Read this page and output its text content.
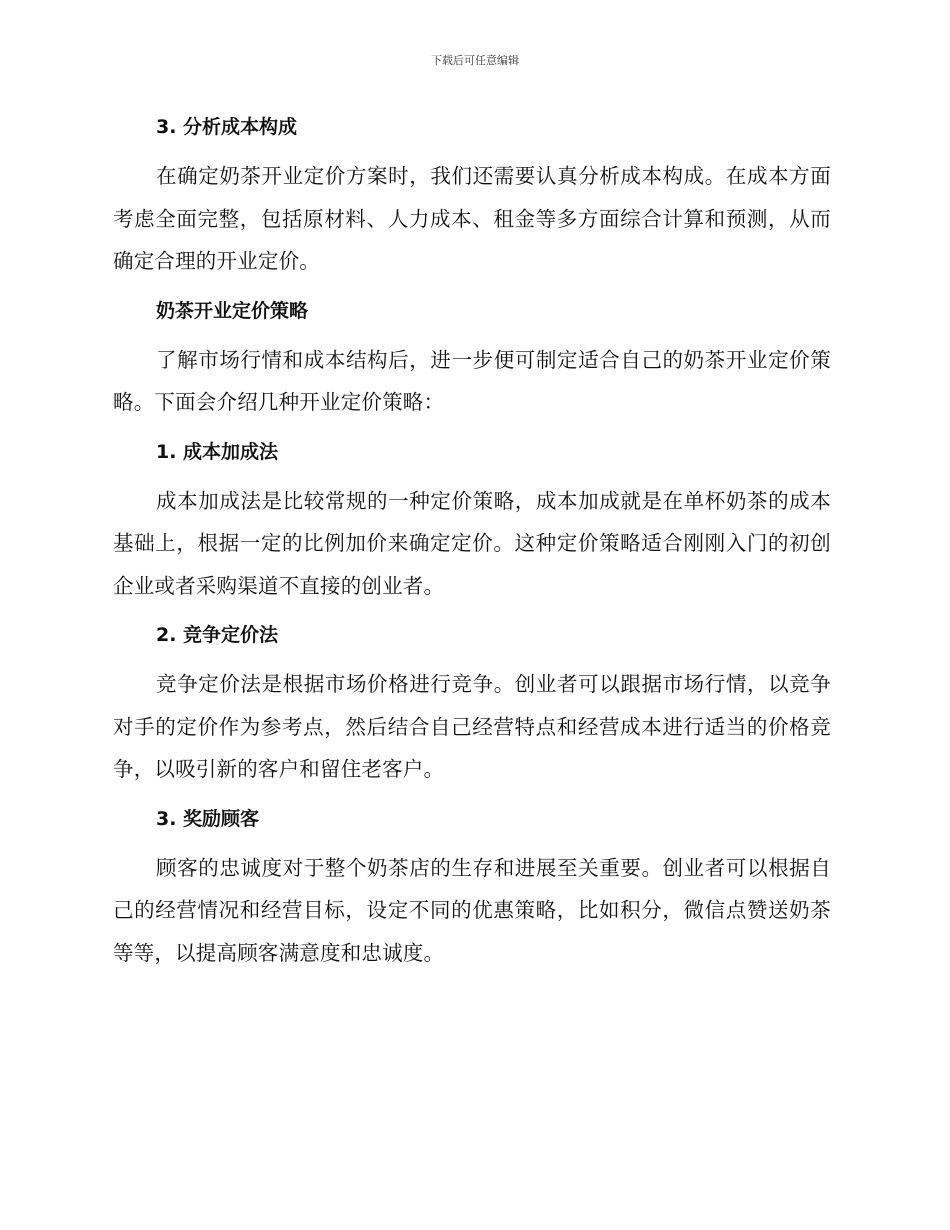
下载后可任意编辑
3. 分析成本构成

在确定奶茶开业定价方案时，我们还需要认真分析成本构成。在成本方面考虑全面完整，包括原材料、人力成本、租金等多方面综合计算和预测，从而确定合理的开业定价。

奶茶开业定价策略

了解市场行情和成本结构后，进一步便可制定适合自己的奶茶开业定价策略。下面会介绍几种开业定价策略：

1. 成本加成法

成本加成法是比较常规的一种定价策略，成本加成就是在单杯奶茶的成本基础上，根据一定的比例加价来确定定价。这种定价策略适合刚刚入门的初创企业或者采购渠道不直接的创业者。

2. 竞争定价法

竞争定价法是根据市场价格进行竞争。创业者可以跟据市场行情，以竞争对手的定价作为参考点，然后结合自己经营特点和经营成本进行适当的价格竞争，以吸引新的客户和留住老客户。

3. 奖励顾客

顾客的忠诚度对于整个奶茶店的生存和进展至关重要。创业者可以根据自己的经营情况和经营目标，设定不同的优惠策略，比如积分，微信点赞送奶茶等等，以提高顾客满意度和忠诚度。
